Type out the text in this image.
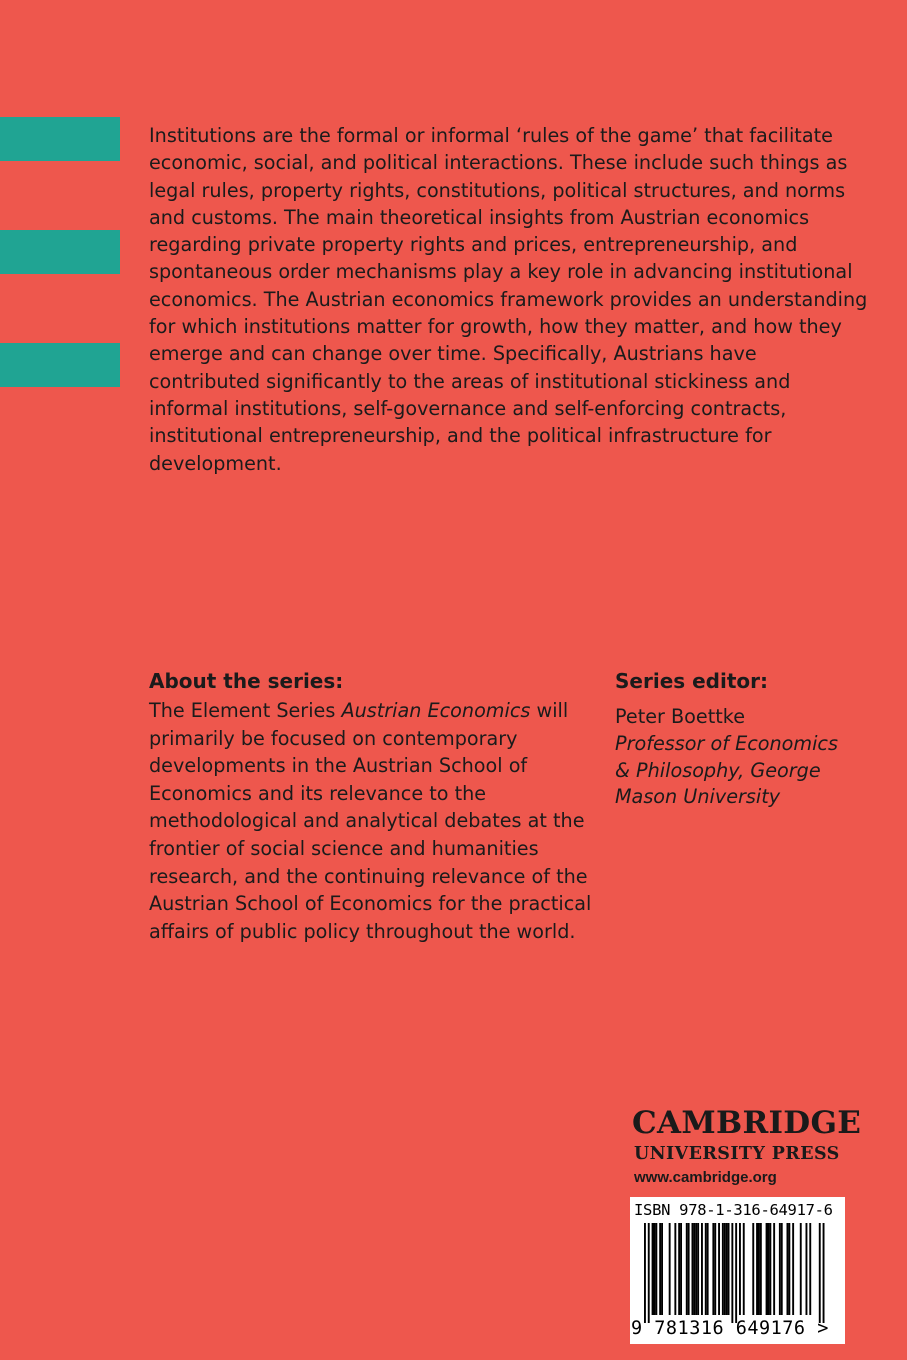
Institutions are the formal or informal ‘rules of the game’ that facilitate economic, social, and political interactions. These include such things as legal rules, property rights, constitutions, political structures, and norms and customs. The main theoretical insights from Austrian economics regarding private property rights and prices, entrepreneurship, and spontaneous order mechanisms play a key role in advancing institutional economics. The Austrian economics framework provides an understanding for which institutions matter for growth, how they matter, and how they emerge and can change over time. Specifically, Austrians have contributed significantly to the areas of institutional stickiness and informal institutions, self-governance and self-enforcing contracts, institutional entrepreneurship, and the political infrastructure for development.

About the series:

The Element Series Austrian Economics will primarily be focused on contemporary developments in the Austrian School of Economics and its relevance to the methodological and analytical debates at the frontier of social science and humanities research, and the continuing relevance of the Austrian School of Economics for the practical affairs of public policy throughout the world.

Series editor:

Peter Boettke

Professor of Economics & Philosophy, George Mason University

CAMBRIDGE

UNIVERSITY PRESS

www.cambridge.org

ISBN 978-1-316-64917-6

9 781316 649176 >
